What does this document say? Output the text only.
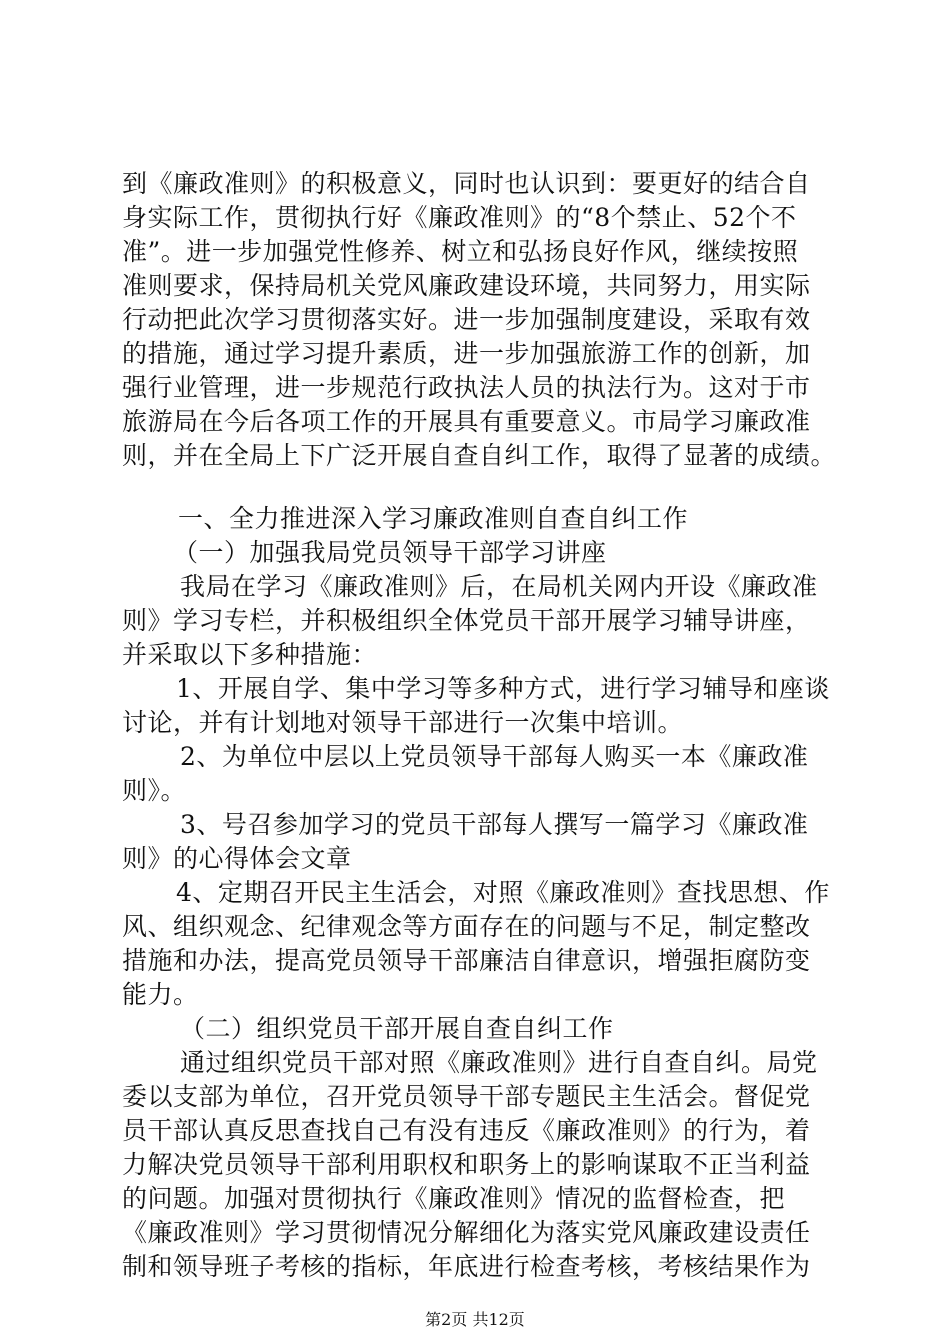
到《廉政准则》的积极意义，同时也认识到：要更好的结合自
身实际工作，贯彻执行好《廉政准则》的“8个禁止、52个不
准”。进一步加强党性修养、树立和弘扬良好作风，继续按照
准则要求，保持局机关党风廉政建设环境，共同努力，用实际
行动把此次学习贯彻落实好。进一步加强制度建设，采取有效
的措施，通过学习提升素质，进一步加强旅游工作的创新，加
强行业管理，进一步规范行政执法人员的执法行为。这对于市
旅游局在今后各项工作的开展具有重要意义。市局学习廉政准
则，并在全局上下广泛开展自查自纠工作，取得了显著的成绩。
一、全力推进深入学习廉政准则自查自纠工作
（一）加强我局党员领导干部学习讲座
我局在学习《廉政准则》后，在局机关网内开设《廉政准
则》学习专栏，并积极组织全体党员干部开展学习辅导讲座，
并采取以下多种措施：
1、开展自学、集中学习等多种方式，进行学习辅导和座谈
讨论，并有计划地对领导干部进行一次集中培训。
2、为单位中层以上党员领导干部每人购买一本《廉政准
则》。
3、号召参加学习的党员干部每人撰写一篇学习《廉政准
则》的心得体会文章
4、定期召开民主生活会，对照《廉政准则》查找思想、作
风、组织观念、纪律观念等方面存在的问题与不足，制定整改
措施和办法，提高党员领导干部廉洁自律意识，增强拒腐防变
能力。
（二）组织党员干部开展自查自纠工作
通过组织党员干部对照《廉政准则》进行自查自纠。局党
委以支部为单位，召开党员领导干部专题民主生活会。督促党
员干部认真反思查找自己有没有违反《廉政准则》的行为，着
力解决党员领导干部利用职权和职务上的影响谋取不正当利益
的问题。加强对贯彻执行《廉政准则》情况的监督检查，把
《廉政准则》学习贯彻情况分解细化为落实党风廉政建设责任
制和领导班子考核的指标，年底进行检查考核，考核结果作为
第2页 共12页
